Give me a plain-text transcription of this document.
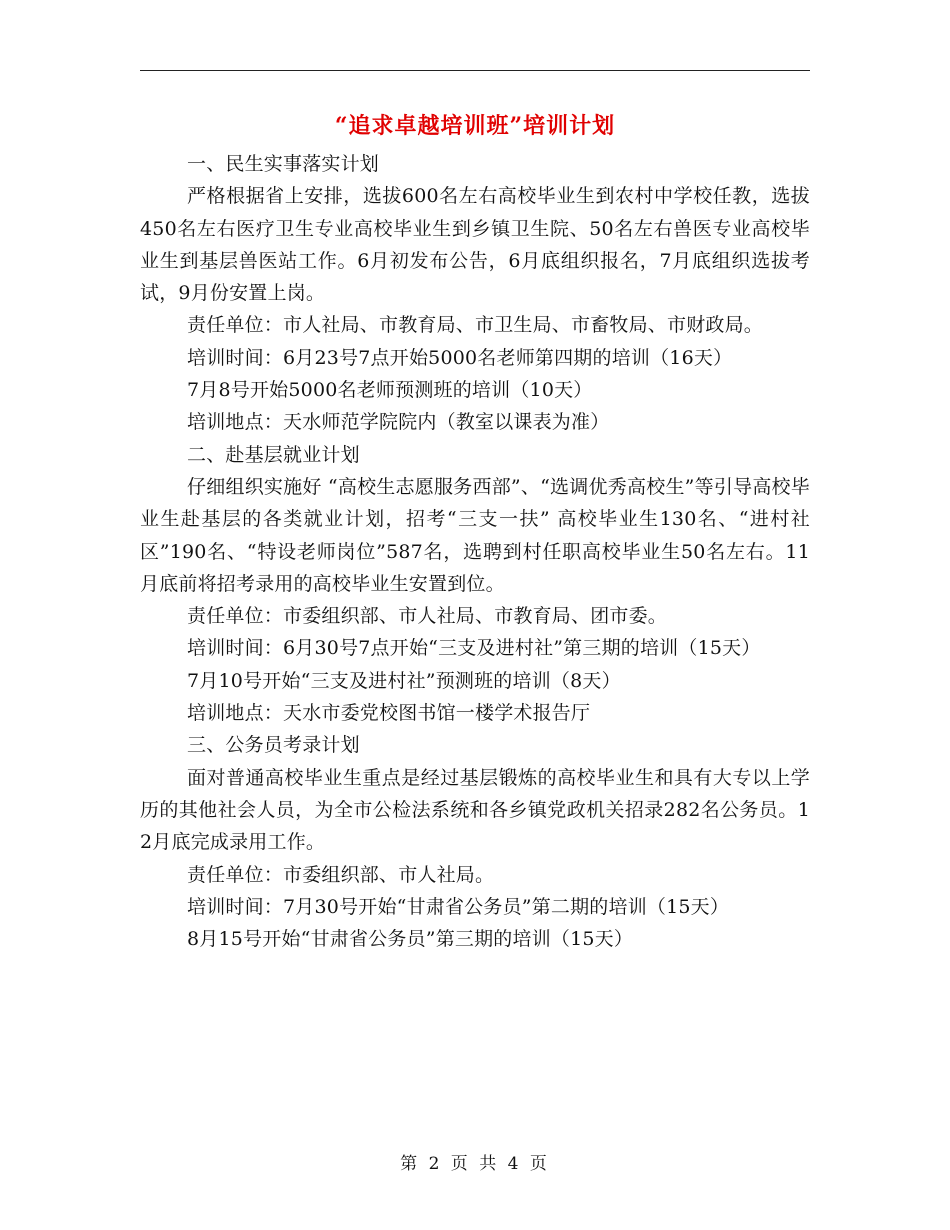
“追求卓越培训班”培训计划

一、民生实事落实计划

严格根据省上安排，选拔600名左右高校毕业生到农村中学校任教，选拔450名左右医疗卫生专业高校毕业生到乡镇卫生院、50名左右兽医专业高校毕业生到基层兽医站工作。6月初发布公告，6月底组织报名，7月底组织选拔考试，9月份安置上岗。

责任单位：市人社局、市教育局、市卫生局、市畜牧局、市财政局。

培训时间：6月23号7点开始5000名老师第四期的培训（16天）

7月8号开始5000名老师预测班的培训（10天）

培训地点：天水师范学院院内（教室以课表为准）

二、赴基层就业计划

仔细组织实施好 “高校生志愿服务西部”、“选调优秀高校生”等引导高校毕业生赴基层的各类就业计划，招考“三支一扶” 高校毕业生130名、“进村社区”190名、“特设老师岗位”587名，选聘到村任职高校毕业生50名左右。11月底前将招考录用的高校毕业生安置到位。

责任单位：市委组织部、市人社局、市教育局、团市委。

培训时间：6月30号7点开始“三支及进村社”第三期的培训（15天）

7月10号开始“三支及进村社”预测班的培训（8天）

培训地点：天水市委党校图书馆一楼学术报告厅

三、公务员考录计划

面对普通高校毕业生重点是经过基层锻炼的高校毕业生和具有大专以上学历的其他社会人员，为全市公检法系统和各乡镇党政机关招录282名公务员。12月底完成录用工作。

责任单位：市委组织部、市人社局。

培训时间：7月30号开始“甘肃省公务员”第二期的培训（15天）

8月15号开始“甘肃省公务员”第三期的培训（15天）

第 2 页 共 4 页
